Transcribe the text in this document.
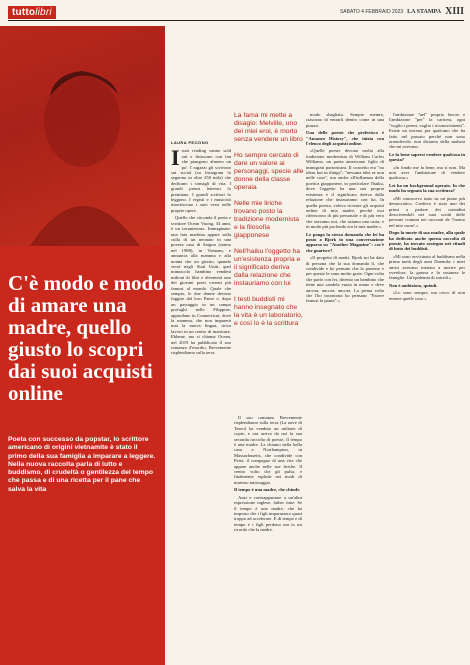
tuttolibri	SABATO 4 FEBBRAIO 2023 LA STAMPA XIII
C'è modo e modo di amare una madre, quello giusto lo scopri dai suoi acquisti online
Poeta con successo da popstar, lo scrittore americano di origini vietnamite è stato il primo della sua famiglia a imparare a leggere. Nella nuova raccolta parla di lutto e buddismo, di crudeltà o gentilezza del tempo che passa e di una ricetta per il pane che salva la vita
LAURA PEZZINO

I suoi reading vanno sold out e finiscono con fan che piangono almeno un po'. I ragazzi gli scrivono sui social (su Instagram lo seguono in oltre 250 mila) che dedicano i consigli di vita. I grandi premi letterari lo premiano. I grandi scrittori lo leggono. I registi e i musicisti insertiscono i suoi versi nelle proprie opere.

Quello che circonda il poeta e scrittore Ocean Vuong, 34 anni, è un incantesimo. Immaginate: una fata madrina appare sulla culla di un neonato in una povera casa di Saigon (siamo nel 1988), in Vietnam, e annuncia alla mamma e alla nonna che un giorno, quando verrà negli Stati Uniti, quel minuscolo bambino venderà milioni di libri e diventerà uno dei giovani poeti viventi più famosi al mondo. Quale che sempio, le due donne devono fuggire dal loro Paese e, dopo un passaggio in un campo profughi nelle Filippine, approdano in Connecticut, dove la mamma, che non imparerà mai la nuova lingua, trova lavoro in un centro di manicure. Ebbene, ma si chiama Ocean, nel 2019 ha pubblicato il suo romanzo d'esordio, Brevemente risplendiamo sulla terra.

La fama mi mette a disagio: Melville, uno dei miei eroi, è morto senza vendere un libro
Ho sempre cercato di dare un valore ai personaggi, specie alle donne della classe operaia
Nelle mie liriche trovano posto la tradizione modernista e la filosofia giapponese
Nell'haiku l'oggetto ha un'esistenza propria e il significato deriva dalla relazione che instauriamo con lui
I testi buddisti mi hanno insegnato che la vita è un laboratorio, e così lo è la scrittura

Il suo romanzo Brevemente risplendiamo sulla terra (La nave di Teseo) ha venduto un milione di copie, e ora arriva da noi la sua seconda raccolta di poesie, Il tempo è una madre. La chiamo nella bella casa a Northampton, in Massachusetts, che condivide con Peter, il compagno di una vita che appare anche nelle sue liriche. Il centro volto che gli pulsa, e finalmente esplode nei modi di maestro tuttosaggio.

Il tempo è una madre, che chiude.

Anzi e contrappuntare a un'altra espressione inglese, father time. Se il tempo è una madre, che ha imposto che i figli imparassero quasi troppo ad accelerare. E di tempo e di tempo e i figli perdono ma io mi ricordo che la madre.

modo sbagliato. Sempre mentre, ciascuno di entrarli dentro come in una piazza.

Una delle poesie che preferisco è "Amazon History", che inizia con l'elenco degli acquisti online.

«Quelle poesie devono molto alla tradizione modernista di William Carlos Williams, un poeta americano figlio di immigrati portoricani. Il concetto era "no ideas but in things"; "nessuna idea se non nelle cose", ma anche all'influenza della poetica giapponese, in particolare l'haiku, dove l'oggetto ha una sua propria esistenza e il significato deriva dalla relazione che instauriamo con lui. In quella poesia, volevo ricreare gli acquisti online di mia madre, perché essi riferiscono di più personale e di più vero che eravamo noi, che usiamo una carta, e in modo più profondo era la mia madre.»

Le pongo la stessa domanda che lei ha posto a Bjork in una conversazione apparsa su "Another Magazine": cos'è che guarisce?

«Il progetto di madri. Bjork mi ha dato di persona che la sua domanda lì, che condivide e ho pensato che la ponesse e per questo le sono molto grato. Ogni volta che parlo con lei, divento un bambino che tiene una candela vuota in mano e deve ancora, ancora, ancora. La prima volta che l'ho incontrata ho pensato: "Essere famosi fa paura".»

l'ambizione "nel" proprio lavoro e l'ambizione "per" la carriera, ogni "voglio i premi, voglio i riconoscimenti". Esiste un terreno per qualcuno che ha fatto nel passato perché non sono arrendevole, non diciamo della malizia che mi avevano.

Le fa bene sapersi vendere qualcosa in questa?

«In fondo me fa bene, ma si non. Ma non aver l'ambizione di vendere qualcosa.»

Lei ha un background operaio. In che modo ha segnato la sua scrittura?

«Mi conoscevo tutto su un piano più democratico. Credevo è stato uno dei primi a parlare dei contadini descrivendoli nei suoi scritti delle persone comuni nei racconti de 'l'uomo nel mio cuore'.»

Dopo la morte di sua madre, alla quale ha dedicato anche questa raccolta di poesie, ha trovato sostegno nei rituali di lutto dei buddisti.

«Mi sono avvicinato al buddismo nella prima metà degli anni Duemila: i miei amici avevano iniziato a morire per overdose, la guerra e la sostanza le famiglie. Un'epidemia di suicidi.»

Non è ambizioso, quindi.

«Lo sono sempre, ma cerco di non temere quelle cose.»
